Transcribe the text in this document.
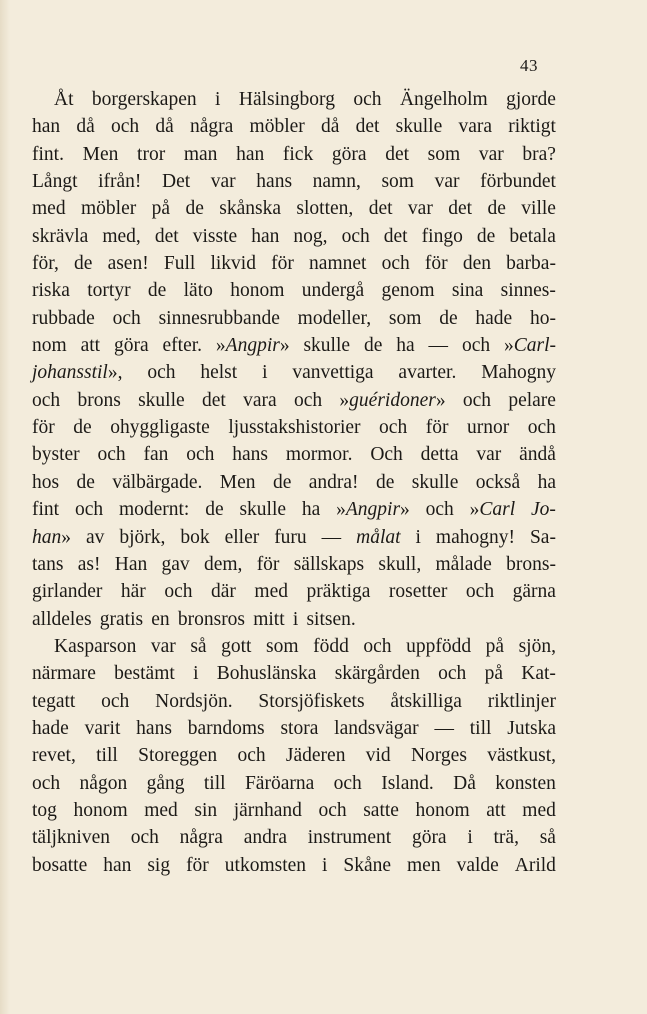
43
Åt borgerskapen i Hälsingborg och Ängelholm gjorde
han då och då några möbler då det skulle vara riktigt
fint. Men tror man han fick göra det som var bra?
Långt ifrån! Det var hans namn, som var förbundet
med möbler på de skånska slotten, det var det de ville
skrävla med, det visste han nog, och det fingo de betala
för, de asen! Full likvid för namnet och för den barba-
riska tortyr de läto honom undergå genom sina sinnes-
rubbade och sinnesrubbande modeller, som de hade ho-
nom att göra efter. »Angpir» skulle de ha — och »Carl-
johansstil», och helst i vanvettiga avarter. Mahogny
och brons skulle det vara och »guéridoner» och pelare
för de ohyggligaste ljusstakshistorier och för urnor och
byster och fan och hans mormor. Och detta var ändå
hos de välbärgade. Men de andra! de skulle också ha
fint och modernt: de skulle ha »Angpir» och »Carl Jo-
han» av björk, bok eller furu — målat i mahogny! Sa-
tans as! Han gav dem, för sällskaps skull, målade brons-
girlander här och där med präktiga rosetter och gärna
alldeles gratis en bronsros mitt i sitsen.
Kasparson var så gott som född och uppfödd på sjön,
närmare bestämt i Bohuslänska skärgården och på Kat-
tegatt och Nordsjön. Storsjöfiskets åtskilliga riktlinjer
hade varit hans barndoms stora landsvägar — till Jutska
revet, till Storeggen och Jäderen vid Norges västkust,
och någon gång till Färöarna och Island. Då konsten
tog honom med sin järnhand och satte honom att med
täljkniven och några andra instrument göra i trä, så
bosatte han sig för utkomsten i Skåne men valde Arild
